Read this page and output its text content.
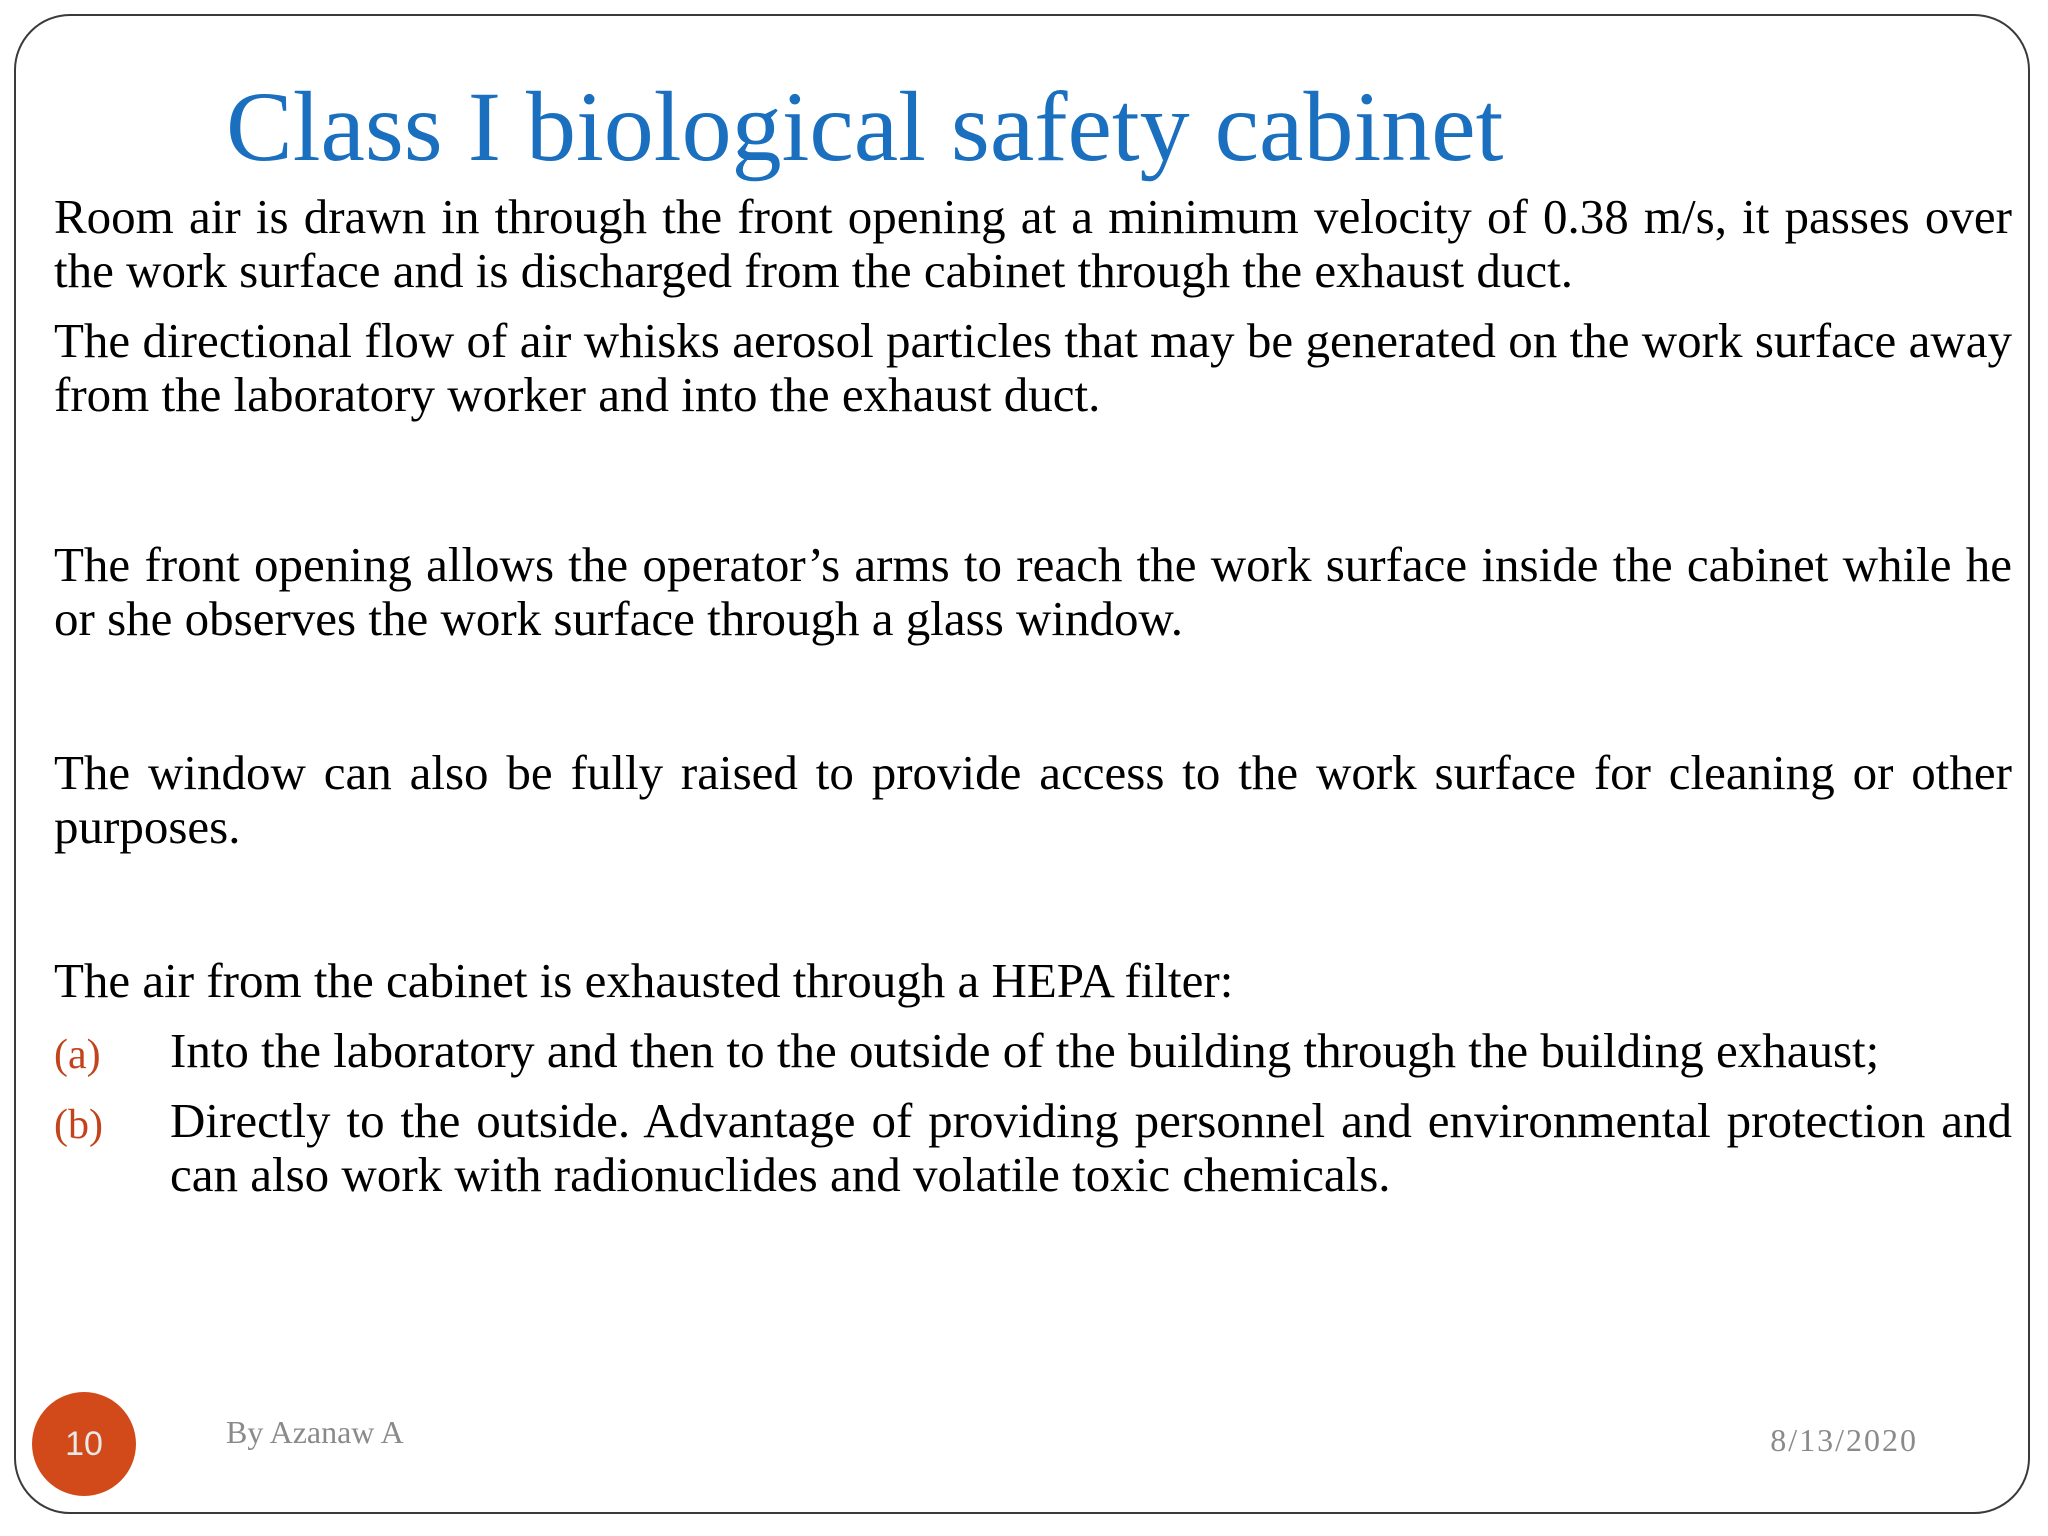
Class I biological safety cabinet

Room air is drawn in through the front opening at a minimum velocity of 0.38 m/s, it passes over the work surface and is discharged from the cabinet through the exhaust duct.

The directional flow of air whisks aerosol particles that may be generated on the work surface away from the laboratory worker and into the exhaust duct.

The front opening allows the operator’s arms to reach the work surface inside the cabinet while he or she observes the work surface through a glass window.

The window can also be fully raised to provide access to the work surface for cleaning or other purposes.

The air from the cabinet is exhausted through a HEPA filter:

(a) Into the laboratory and then to the outside of the building through the building exhaust;
(b) Directly to the outside. Advantage of providing personnel and environmental protection and can also work with radionuclides and volatile toxic chemicals.
10	By Azanaw A	8/13/2020
